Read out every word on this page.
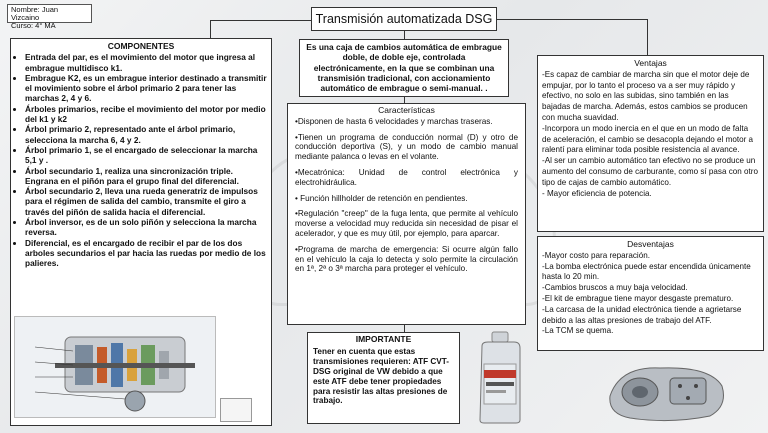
Nombre: Juan Vizcaino
Curso: 4° MA	Transmisión automatizada DSG
COMPONENTES
• Entrada del par, es el movimiento del motor que ingresa al embrague multidisco k1.
• Embrague K2, es un embrague interior destinado a transmitir el movimiento sobre el árbol primario 2 para tener las marchas 2, 4 y 6.
• Árboles primarios, recibe el movimiento del motor por medio del k1 y k2
• Árbol primario 2, representado ante el árbol primario, selecciona la marcha 6, 4 y 2.
• Árbol primario 1, se el encargado de seleccionar la marcha 5,1 y .
• Árbol secundario 1, realiza una sincronización triple. Engrana en el piñón para el grupo final del diferencial.
• Árbol secundario 2, lleva una rueda generatriz de impulsos para el régimen de salida del cambio, transmite el giro a través del piñón de salida hacia el diferencial.
• Árbol inversor, es de un solo piñón y selecciona la marcha reversa.
• Diferencial, es el encargado de recibir el par de los dos arboles secundarios el par hacia las ruedas por medio de los palieres.
Es una caja de cambios automática de embrague doble, de doble eje, controlada electrónicamente, en la que se combinan una transmisión tradicional, con accionamiento automático de embrague o semi-manual. .
Características

•Disponen de hasta 6 velocidades y marchas traseras.

•Tienen un programa de conducción normal (D) y otro de conducción deportiva (S), y un modo de cambio manual mediante palanca o levas en el volante.

•Mecatrónica: Unidad de control electrónica y electrohidráulica.

• Función hillholder de retención en pendientes.

•Regulación "creep" de la fuga lenta, que permite al vehículo moverse a velocidad muy reducida sin necesidad de pisar el acelerador, y que es muy útil, por ejemplo, para aparcar.

•Programa de marcha de emergencia: Si ocurre algún fallo en el vehículo la caja lo detecta y solo permite la circulación en 1ª, 2ª o 3ª marcha para proteger el vehículo.

IMPORTANTE
Tener en cuenta que estas transmisiones requieren: ATF CVT-DSG original de VW debido a que este ATF debe tener propiedades para resistir las altas presiones de trabajo.
Ventajas
-Es capaz de cambiar de marcha sin que el motor deje de empujar, por lo tanto el proceso va a ser muy rápido y efectivo, no solo en las subidas, sino también en las bajadas de marcha. Además, estos cambios se producen con mucha suavidad.
-Incorpora un modo inercia en el que en un modo de falta de aceleración, el cambio se desacopla dejando el motor a ralentí para eliminar toda posible resistencia al avance.
-Al ser un cambio automático tan efectivo no se produce un aumento del consumo de carburante, como sí pasa con otro tipo de cajas de cambio automático.
- Mayor eficiencia de potencia.
Desventajas
-Mayor costo para reparación.
-La bomba electrónica puede estar encendida únicamente hasta lo 20 min.
-Cambios bruscos a muy baja velocidad.
-El kit de embrague tiene mayor desgaste prematuro.
-La carcasa de la unidad electrónica tiende a agrietarse debido a las altas presiones de trabajo del ATF.
-La TCM se quema.
